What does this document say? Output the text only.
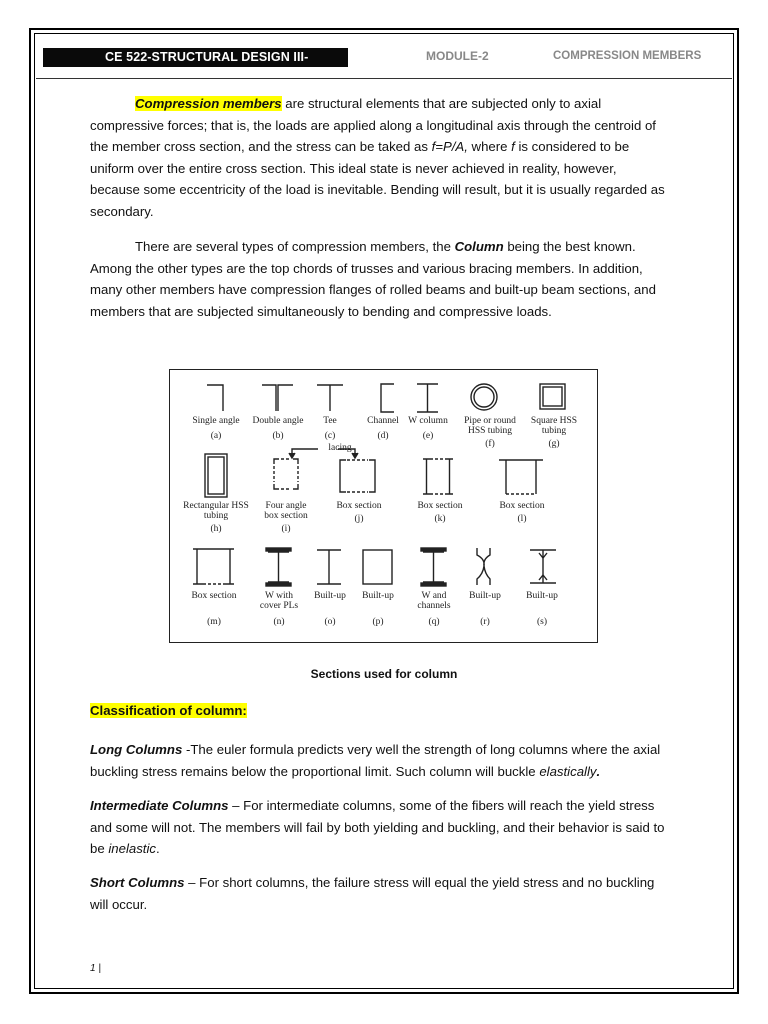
CE 522-STRUCTURAL DESIGN III-STEEL
MODULE-2	COMPRESSION MEMBERS

Compression members are structural elements that are subjected only to axial compressive forces; that is, the loads are applied along a longitudinal axis through the centroid of the member cross section, and the stress can be taked as f=P/A, where f is considered to be uniform over the entire cross section. This ideal state is never achieved in reality, however, because some eccentricity of the load is inevitable. Bending will result, but it is usually regarded as secondary.

There are several types of compression members, the Column being the best known. Among the other types are the top chords of trusses and various bracing members. In addition, many other members have compression flanges of rolled beams and built-up beam sections, and members that are subjected simultaneously to bending and compressive loads.

lacing
Single angle
(a)
Double angle
(b)
Tee
(c)
Channel
(d)
W column
(e)
Pipe or round
HSS tubing
(f)
Square HSS
tubing
(g)
Rectangular HSS
tubing
(h)
Four angle
box section
(i)
Box section
(j)
Box section
(k)
Box section
(l)
Box section
(m)
W with
cover PLs
(n)
Built-up
(o)
Built-up
(p)
W and
channels
(q)
Built-up
(r)
Built-up
(s)
Sections used for column
Classification of column:

Long Columns -The euler formula predicts very well the strength of long columns where the axial buckling stress remains below the proportional limit. Such column will buckle elastically.

Intermediate Columns – For intermediate columns, some of the fibers will reach the yield stress and some will not. The members will fail by both yielding and buckling, and their behavior is said to be inelastic.

Short Columns – For short columns, the failure stress will equal the yield stress and no buckling will occur.

1 |
